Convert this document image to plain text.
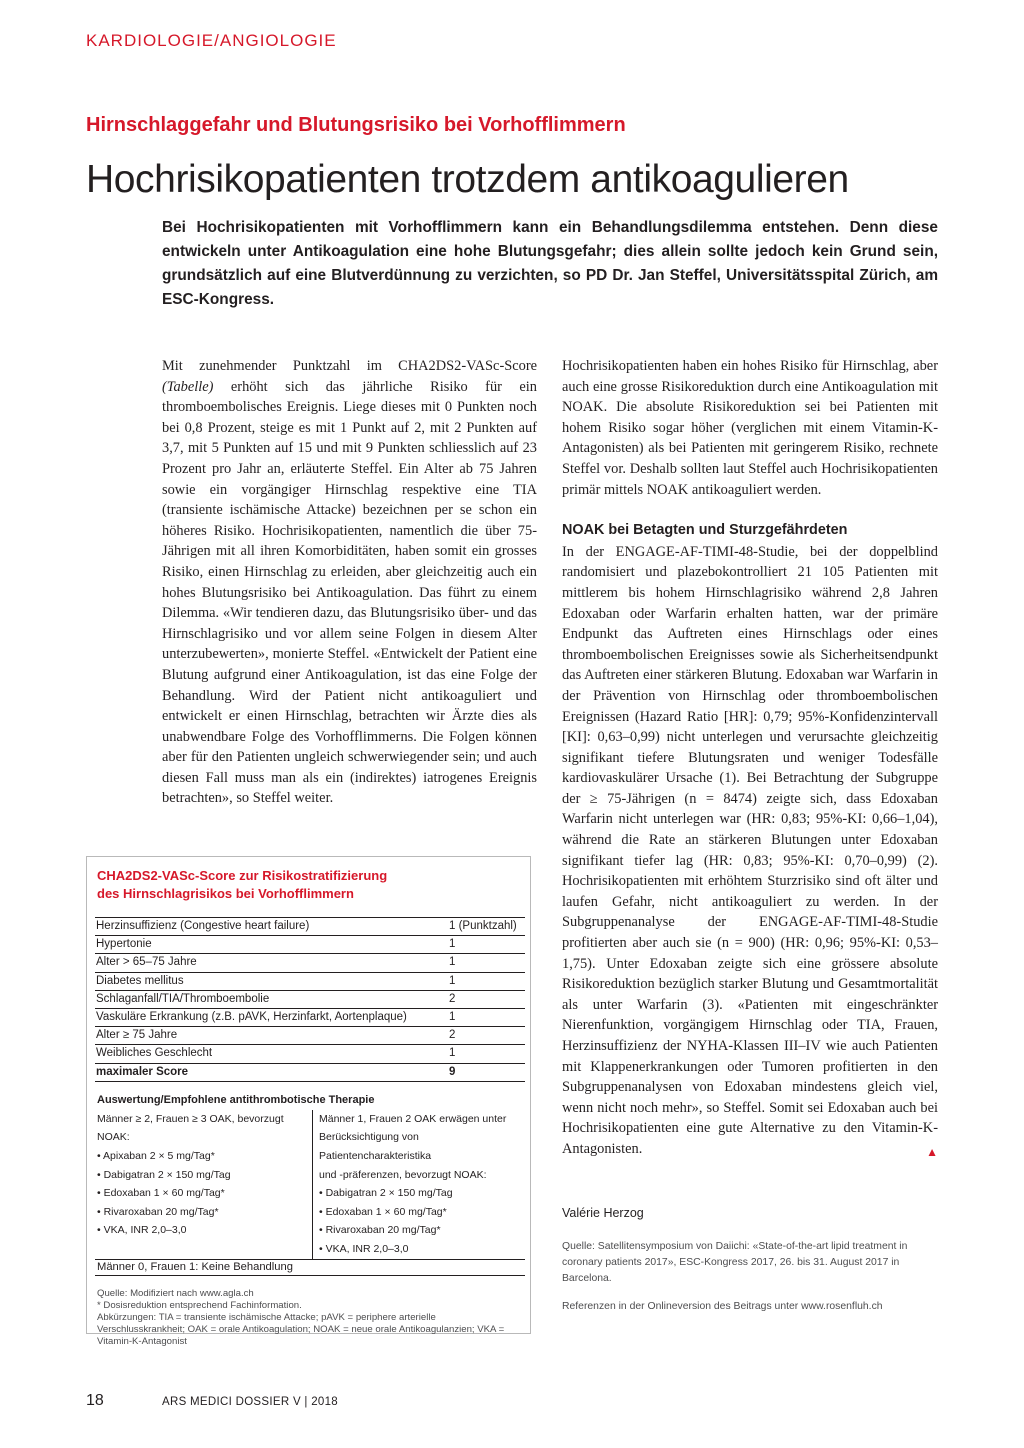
KARDIOLOGIE/ANGIOLOGIE
Hirnschlaggefahr und Blutungsrisiko bei Vorhofflimmern
Hochrisikopatienten trotzdem antikoagulieren
Bei Hochrisikopatienten mit Vorhofflimmern kann ein Behandlungsdilemma entstehen. Denn diese entwickeln unter Antikoagulation eine hohe Blutungsgefahr; dies allein sollte jedoch kein Grund sein, grundsätzlich auf eine Blutverdünnung zu verzichten, so PD Dr. Jan Steffel, Universitätsspital Zürich, am ESC-Kongress.

Mit zunehmender Punktzahl im CHA2DS2-VASc-Score (Tabelle) erhöht sich das jährliche Risiko für ein thromboembolisches Ereignis. Liege dieses mit 0 Punkten noch bei 0,8 Prozent, steige es mit 1 Punkt auf 2, mit 2 Punkten auf 3,7, mit 5 Punkten auf 15 und mit 9 Punkten schliesslich auf 23 Prozent pro Jahr an, erläuterte Steffel. Ein Alter ab 75 Jahren sowie ein vorgängiger Hirnschlag respektive eine TIA (transiente ischämische Attacke) bezeichnen per se schon ein höheres Risiko. Hochrisikopatienten, namentlich die über 75-Jährigen mit all ihren Komorbiditäten, haben somit ein grosses Risiko, einen Hirnschlag zu erleiden, aber gleichzeitig auch ein hohes Blutungsrisiko bei Antikoagulation. Das führt zu einem Dilemma. «Wir tendieren dazu, das Blutungsrisiko über- und das Hirnschlagrisiko und vor allem seine Folgen in diesem Alter unterzubewerten», monierte Steffel. «Entwickelt der Patient eine Blutung aufgrund einer Antikoagulation, ist das eine Folge der Behandlung. Wird der Patient nicht antikoaguliert und entwickelt er einen Hirnschlag, betrachten wir Ärzte dies als unabwendbare Folge des Vorhofflimmerns. Die Folgen können aber für den Patienten ungleich schwerwiegender sein; und auch diesen Fall muss man als ein (indirektes) iatrogenes Ereignis betrachten», so Steffel weiter.

Hochrisikopatienten haben ein hohes Risiko für Hirnschlag, aber auch eine grosse Risikoreduktion durch eine Antikoagulation mit NOAK. Die absolute Risikoreduktion sei bei Patienten mit hohem Risiko sogar höher (verglichen mit einem Vitamin-K-Antagonisten) als bei Patienten mit geringerem Risiko, rechnete Steffel vor. Deshalb sollten laut Steffel auch Hochrisikopatienten primär mittels NOAK antikoaguliert werden.

NOAK bei Betagten und Sturzgefährdeten

In der ENGAGE-AF-TIMI-48-Studie, bei der doppelblind randomisiert und plazebokontrolliert 21 105 Patienten mit mittlerem bis hohem Hirnschlagrisiko während 2,8 Jahren Edoxaban oder Warfarin erhalten hatten, war der primäre Endpunkt das Auftreten eines Hirnschlags oder eines thromboembolischen Ereignisses sowie als Sicherheitsendpunkt das Auftreten einer stärkeren Blutung. Edoxaban war Warfarin in der Prävention von Hirnschlag oder thromboembolischen Ereignissen (Hazard Ratio [HR]: 0,79; 95%-Konfidenzintervall [KI]: 0,63–0,99) nicht unterlegen und verursachte gleichzeitig signifikant tiefere Blutungsraten und weniger Todesfälle kardiovaskulärer Ursache (1). Bei Betrachtung der Subgruppe der ≥ 75-Jährigen (n = 8474) zeigte sich, dass Edoxaban Warfarin nicht unterlegen war (HR: 0,83; 95%-KI: 0,66–1,04), während die Rate an stärkeren Blutungen unter Edoxaban signifikant tiefer lag (HR: 0,83; 95%-KI: 0,70–0,99) (2). Hochrisikopatienten mit erhöhtem Sturzrisiko sind oft älter und laufen Gefahr, nicht antikoaguliert zu werden. In der Subgruppenanalyse der ENGAGE-AF-TIMI-48-Studie profitierten aber auch sie (n = 900) (HR: 0,96; 95%-KI: 0,53–1,75). Unter Edoxaban zeigte sich eine grössere absolute Risikoreduktion bezüglich starker Blutung und Gesamtmortalität als unter Warfarin (3). «Patienten mit eingeschränkter Nierenfunktion, vorgängigem Hirnschlag oder TIA, Frauen, Herzinsuffizienz der NYHA-Klassen III–IV wie auch Patienten mit Klappenerkrankungen oder Tumoren profitierten in den Subgruppenanalysen von Edoxaban mindestens gleich viel, wenn nicht noch mehr», so Steffel. Somit sei Edoxaban auch bei Hochrisikopatienten eine gute Alternative zu den Vitamin-K-Antagonisten.	▲

CHA2DS2-VASc-Score zur Risikostratifizierung
des Hirnschlagrisikos bei Vorhofflimmern
Herzinsuffizienz (Congestive heart failure)	1 (Punktzahl)
Hypertonie	1
Alter > 65–75 Jahre	1
Diabetes mellitus	1
Schlaganfall/TIA/Thromboembolie	2
Vaskuläre Erkrankung (z.B. pAVK, Herzinfarkt, Aortenplaque)	1
Alter ≥ 75 Jahre	2
Weibliches Geschlecht	1
maximaler Score	9
Auswertung/Empfohlene antithrombotische Therapie
Männer ≥ 2, Frauen ≥ 3 OAK, bevorzugt NOAK:
• Apixaban 2 × 5 mg/Tag*
• Dabigatran 2 × 150 mg/Tag
• Edoxaban 1 × 60 mg/Tag*
• Rivaroxaban 20 mg/Tag*
• VKA, INR 2,0–3,0

Männer 1, Frauen 2 OAK erwägen unter
Berücksichtigung von Patientencharakteristika
und -präferenzen, bevorzugt NOAK:
• Dabigatran 2 × 150 mg/Tag
• Edoxaban 1 × 60 mg/Tag*
• Rivaroxaban 20 mg/Tag*
• VKA, INR 2,0–3,0
Männer 0, Frauen 1: Keine Behandlung
Quelle: Modifiziert nach www.agla.ch
* Dosisreduktion entsprechend Fachinformation.
Abkürzungen: TIA = transiente ischämische Attacke; pAVK = periphere arterielle Verschlusskrankheit; OAK = orale Antikoagulation; NOAK = neue orale Antikoagulanzien; VKA = Vitamin-K-Antagonist
Valérie Herzog
Quelle: Satellitensymposium von Daiichi: «State-of-the-art lipid treatment in coronary patients 2017», ESC-Kongress 2017, 26. bis 31. August 2017 in Barcelona.
Referenzen in der Onlineversion des Beitrags unter www.rosenfluh.ch
18	ARS MEDICI DOSSIER V | 2018
